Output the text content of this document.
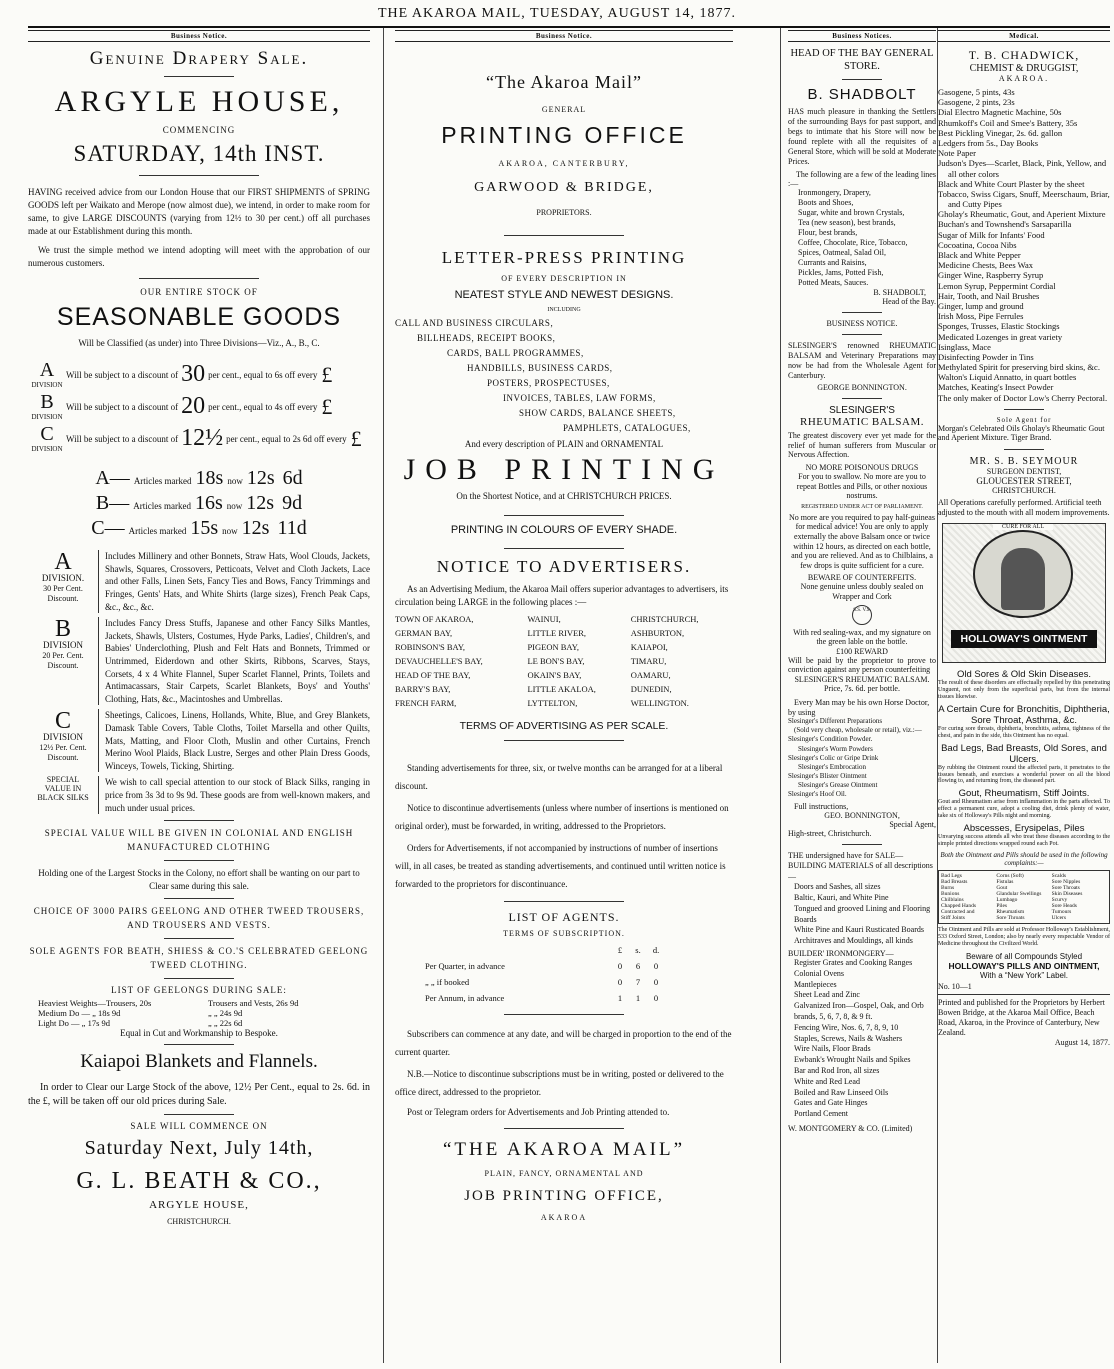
THE AKAROA MAIL, TUESDAY, AUGUST 14, 1877.
Business Notice.
Genuine Drapery Sale.
ARGYLE HOUSE,
COMMENCING
SATURDAY, 14th INST.

HAVING received advice from our London House that our FIRST SHIPMENTS of SPRING GOODS left per Waikato and Merope (now almost due), we intend, in order to make room for same, to give LARGE DISCOUNTS (varying from 12½ to 30 per cent.) off all purchases made at our Establishment during this month.

We trust the simple method we intend adopting will meet with the approbation of our numerous customers.

OUR ENTIRE STOCK OF
SEASONABLE GOODS
Will be Classified (as under) into Three Divisions—Viz., A., B., C.
A
DIVISION
Will be subject to a discount of 30 per cent., equal to 6s off every £
B
DIVISION
Will be subject to a discount of 20 per cent., equal to 4s off every £
C
DIVISION
Will be subject to a discount of 12½ per cent., equal to 2s 6d off every £
A— Articles marked 18s now 12s 6d
B— Articles marked 16s now 12s 9d
C— Articles marked 15s now 12s 11d
A
DIVISION.
30 Per Cent.
Discount.
Includes Millinery and other Bonnets, Straw Hats, Wool Clouds, Jackets, Shawls, Squares, Crossovers, Petticoats, Velvet and Cloth Jackets, Lace and other Falls, Linen Sets, Fancy Ties and Bows, Fancy Trimmings and Fringes, Gents' Hats, and White Shirts (large sizes), French Peak Caps, &c., &c., &c.
B
DIVISION
20 Per. Cent.
Discount.
Includes Fancy Dress Stuffs, Japanese and other Fancy Silks Mantles, Jackets, Shawls, Ulsters, Costumes, Hyde Parks, Ladies', Children's, and Babies' Underclothing, Plush and Felt Hats and Bonnets, Trimmed or Untrimmed, Eiderdown and other Skirts, Ribbons, Scarves, Stays, Corsets, 4 x 4 White Flannel, Super Scarlet Flannel, Prints, Toilets and Antimacassars, Stair Carpets, Scarlet Blankets, Boys' and Youths' Clothing, Hats, &c., Macintoshes and Umbrellas.
C
DIVISION
12½ Per. Cent.
Discount.
Sheetings, Calicoes, Linens, Hollands, White, Blue, and Grey Blankets, Damask Table Covers, Table Cloths, Toilet Marsella and other Quilts, Mats, Matting, and Floor Cloth, Muslin and other Curtains, French Merino Wool Plaids, Black Lustre, Serges and other Plain Dress Goods, Winceys, Towels, Ticking, Shirting.
SPECIAL
VALUE IN
BLACK SILKS
We wish to call special attention to our stock of Black Silks, ranging in price from 3s 3d to 9s 9d. These goods are from well-known makers, and much under usual prices.
SPECIAL VALUE WILL BE GIVEN IN COLONIAL AND ENGLISH MANUFACTURED CLOTHING
Holding one of the Largest Stocks in the Colony, no effort shall be wanting on our part to Clear same during this sale.
CHOICE OF 3000 PAIRS GEELONG AND OTHER TWEED TROUSERS, AND TROUSERS AND VESTS.
SOLE AGENTS FOR BEATH, SHIESS & CO.'S CELEBRATED GEELONG TWEED CLOTHING.
LIST OF GEELONGS DURING SALE:
Heaviest Weights—Trousers, 20s	Trousers and Vests, 26s 9d
Medium Do — „ 18s 9d	„ „ 24s 9d
Light Do — „ 17s 9d	„ „ 22s 6d
Equal in Cut and Workmanship to Bespoke.
Kaiapoi Blankets and Flannels.

In order to Clear our Large Stock of the above, 12½ Per Cent., equal to 2s. 6d. in the £, will be taken off our old prices during Sale.

SALE WILL COMMENCE ON
Saturday Next, July 14th,
G. L. BEATH & CO.,
ARGYLE HOUSE,
CHRISTCHURCH.
Business Notice.
“The Akaroa Mail”
GENERAL
PRINTING OFFICE
AKAROA, CANTERBURY,
GARWOOD & BRIDGE,
PROPRIETORS.
LETTER-PRESS PRINTING
OF EVERY DESCRIPTION IN
NEATEST STYLE AND NEWEST DESIGNS.
INCLUDING
CALL AND BUSINESS CIRCULARS,
BILLHEADS, RECEIPT BOOKS,
CARDS, BALL PROGRAMMES,
HANDBILLS, BUSINESS CARDS,
POSTERS, PROSPECTUSES,
INVOICES, TABLES, LAW FORMS,
SHOW CARDS, BALANCE SHEETS,
PAMPHLETS, CATALOGUES,
And every description of PLAIN and ORNAMENTAL
JOB PRINTING
On the Shortest Notice, and at CHRISTCHURCH PRICES.
PRINTING IN COLOURS OF EVERY SHADE.
NOTICE TO ADVERTISERS.

As an Advertising Medium, the Akaroa Mail offers superior advantages to advertisers, its circulation being LARGE in the following places :—

TOWN OF AKAROA,	WAINUI,	CHRISTCHURCH,
GERMAN BAY,	LITTLE RIVER,	ASHBURTON,
ROBINSON'S BAY,	PIGEON BAY,	KAIAPOI,
DEVAUCHELLE'S BAY,	LE BON'S BAY,	TIMARU,
HEAD OF THE BAY,	OKAIN'S BAY,	OAMARU,
BARRY'S BAY,	LITTLE AKALOA,	DUNEDIN,
FRENCH FARM,	LYTTELTON,	WELLINGTON.
TERMS OF ADVERTISING AS PER SCALE.

Standing advertisements for three, six, or twelve months can be arranged for at a liberal discount.

Notice to discontinue advertisements (unless where number of insertions is mentioned on original order), must be forwarded, in writing, addressed to the Proprietors.

Orders for Advertisements, if not accompanied by instructions of number of insertions will, in all cases, be treated as standing advertisements, and continued until written notice is forwarded to the proprietors for discontinuance.

LIST OF AGENTS.
TERMS OF SUBSCRIPTION.
	£	s.	d.
Per Quarter, in advance	0	6	0
„ „ if booked	0	7	0
Per Annum, in advance	1	1	0

Subscribers can commence at any date, and will be charged in proportion to the end of the current quarter.

N.B.—Notice to discontinue subscriptions must be in writing, posted or delivered to the office direct, addressed to the proprietor.

Post or Telegram orders for Advertisements and Job Printing attended to.

“THE AKAROA MAIL”
PLAIN, FANCY, ORNAMENTAL AND
JOB PRINTING OFFICE,
AKAROA
Business Notices.
HEAD OF THE BAY GENERAL STORE.
B. SHADBOLT

HAS much pleasure in thanking the Settlers of the surrounding Bays for past support, and begs to intimate that his Store will now be found replete with all the requisites of a General Store, which will be sold at Moderate Prices.

The following are a few of the leading lines :—

Ironmongery, Drapery,
Boots and Shoes,
Sugar, white and brown Crystals,
Tea (new season), best brands,
Flour, best brands,
Coffee, Chocolate, Rice, Tobacco,
Spices, Oatmeal, Salad Oil,
Currants and Raisins,
Pickles, Jams, Potted Fish,
Potted Meats, Sauces.
B. SHADBOLT,
Head of the Bay.
BUSINESS NOTICE.

SLESINGER'S renowned RHEUMATIC BALSAM and Veterinary Preparations may now be had from the Wholesale Agent for Canterbury.

GEORGE BONNINGTON.
SLESINGER'S
RHEUMATIC BALSAM.

The greatest discovery ever yet made for the relief of human sufferers from Muscular or Nervous Affection.

NO MORE POISONOUS DRUGS

For you to swallow. No more are you to repeat Bottles and Pills, or other noxious nostrums.

REGISTERED UNDER ACT OF PARLIAMENT.

No more are you required to pay half-guineas for medical advice! You are only to apply externally the above Balsam once or twice within 12 hours, as directed on each bottle, and you are relieved. And as to Chilblains, a few drops is quite sufficient for a cure.

BEWARE OF COUNTERFEITS.

None genuine unless doubly sealed on Wrapper and Cork

S.S. V.S.

With red sealing-wax, and my signature on the green lable on the bottle.

£100 REWARD

Will be paid by the proprietor to prove to conviction against any person counterfeiting

SLESINGER'S RHEUMATIC BALSAM. Price, 7s. 6d. per bottle.

Every Man may be his own Horse Doctor, by using

Slesinger's Different Preparations
(Sold very cheap, wholesale or retail), viz.:—
Slesinger's Condition Powder.
Slesinger's Worm Powders
Slesinger's Colic or Gripe Drink
Slesinger's Embrocation
Slesinger's Blister Ointment
Slesinger's Grease Ointment
Slesinger's Hoof Oil.
Full instructions,
GEO. BONNINGTON,
Special Agent,
High-street, Christchurch.

THE undersigned have for SALE—

BUILDING MATERIALS of all descriptions—

Doors and Sashes, all sizes
Baltic, Kauri, and White Pine
Tongued and grooved Lining and Flooring Boards
White Pine and Kauri Rusticated Boards
Architraves and Mouldings, all kinds
BUILDER' IRONMONGERY—
Register Grates and Cooking Ranges
Colonial Ovens
Mantlepieces
Sheet Lead and Zinc
Galvanized Iron—Gospel, Oak, and Orb brands, 5, 6, 7, 8, & 9 ft.
Fencing Wire, Nos. 6, 7, 8, 9, 10
Staples, Screws, Nails & Washers
Wire Nails, Floor Brads
Ewbank's Wrought Nails and Spikes
Bar and Rod Iron, all sizes
White and Red Lead
Boiled and Raw Linseed Oils
Gates and Gate Hinges
Portland Cement
W. MONTGOMERY & CO. (Limited)
Medical.
T. B. CHADWICK,
CHEMIST & DRUGGIST,
AKAROA.
Gasogene, 5 pints, 43s
Gasogene, 2 pints, 23s
Dial Electro Magnetic Machine, 50s
Rhumkoff's Coil and Smee's Battery, 35s
Best Pickling Vinegar, 2s. 6d. gallon
Ledgers from 5s., Day Books
Note Paper
Judson's Dyes—Scarlet, Black, Pink, Yellow, and all other colors
Black and White Court Plaster by the sheet
Tobacco, Swiss Cigars, Snuff, Meerschaum, Briar, and Cutty Pipes
Gholay's Rheumatic, Gout, and Aperient Mixture
Buchan's and Townshend's Sarsaparilla
Sugar of Milk for Infants' Food
Cocoatina, Cocoa Nibs
Black and White Pepper
Medicine Chests, Bees Wax
Ginger Wine, Raspberry Syrup
Lemon Syrup, Peppermint Cordial
Hair, Tooth, and Nail Brushes
Ginger, lump and ground
Irish Moss, Pipe Ferrules
Sponges, Trusses, Elastic Stockings
Medicated Lozenges in great variety
Isinglass, Mace
Disinfecting Powder in Tins
Methylated Spirit for preserving bird skins, &c.
Walton's Liquid Annatto, in quart bottles
Matches, Keating's Insect Powder
The only maker of Doctor Low's Cherry Pectoral.
Sole Agent for

Morgan's Celebrated Oils Gholay's Rheumatic Gout and Aperient Mixture. Tiger Brand.

MR. S. B. SEYMOUR
SURGEON DENTIST,
GLOUCESTER STREET,
CHRISTCHURCH.

All Operations carefully performed. Artificial teeth adjusted to the mouth with all modern improvements.

CURE FOR ALL
HOLLOWAY'S OINTMENT
Old Sores & Old Skin Diseases.

The result of these disorders are effectually repelled by this penetrating Unguent, not only from the superficial parts, but from the internal tissues likewise.

A Certain Cure for Bronchitis, Diphtheria, Sore Throat, Asthma, &c.

For curing sore throats, diphtheria, bronchitis, asthma, tightness of the chest, and pain in the side, this Ointment has no equal.

Bad Legs, Bad Breasts, Old Sores, and Ulcers.

By rubbing the Ointment round the affected parts, it penetrates to the tissues beneath, and exercises a wonderful power on all the blood flowing to, and returning from, the diseased part.

Gout, Rheumatism, Stiff Joints.

Gout and Rheumatism arise from inflammation in the parts affected. To effect a permanent cure, adopt a cooling diet, drink plenty of water, take six of Holloway's Pills night and morning.

Abscesses, Erysipelas, Piles

Unvarying success attends all who treat these diseases according to the simple printed directions wrapped round each Pot.

Both the Ointment and Pills should be used in the following complaints:—

Bad Legs	Corns (Soft)	Scalds
Bad Breasts	Fistulas	Sore Nipples
Burns	Gout	Sore Throats
Bunions	Glandular Swellings	Skin Diseases
Chilblains	Lumbago	Scurvy
Chapped Hands	Piles	Sore Heads
Contracted and	Rheumatism	Tumours
Stiff Joints	Sore Throats	Ulcers

The Ointment and Pills are sold at Professor Holloway's Establishment, 533 Oxford Street, London; also by nearly every respectable Vendor of Medicine throughout the Civilized World.

Beware of all Compounds Styled
HOLLOWAY'S PILLS AND OINTMENT,
With a “New York” Label.
No. 10—1

Printed and published for the Proprietors by Herbert Bowen Bridge, at the Akaroa Mail Office, Beach Road, Akaroa, in the Province of Canterbury, New Zealand.

August 14, 1877.
